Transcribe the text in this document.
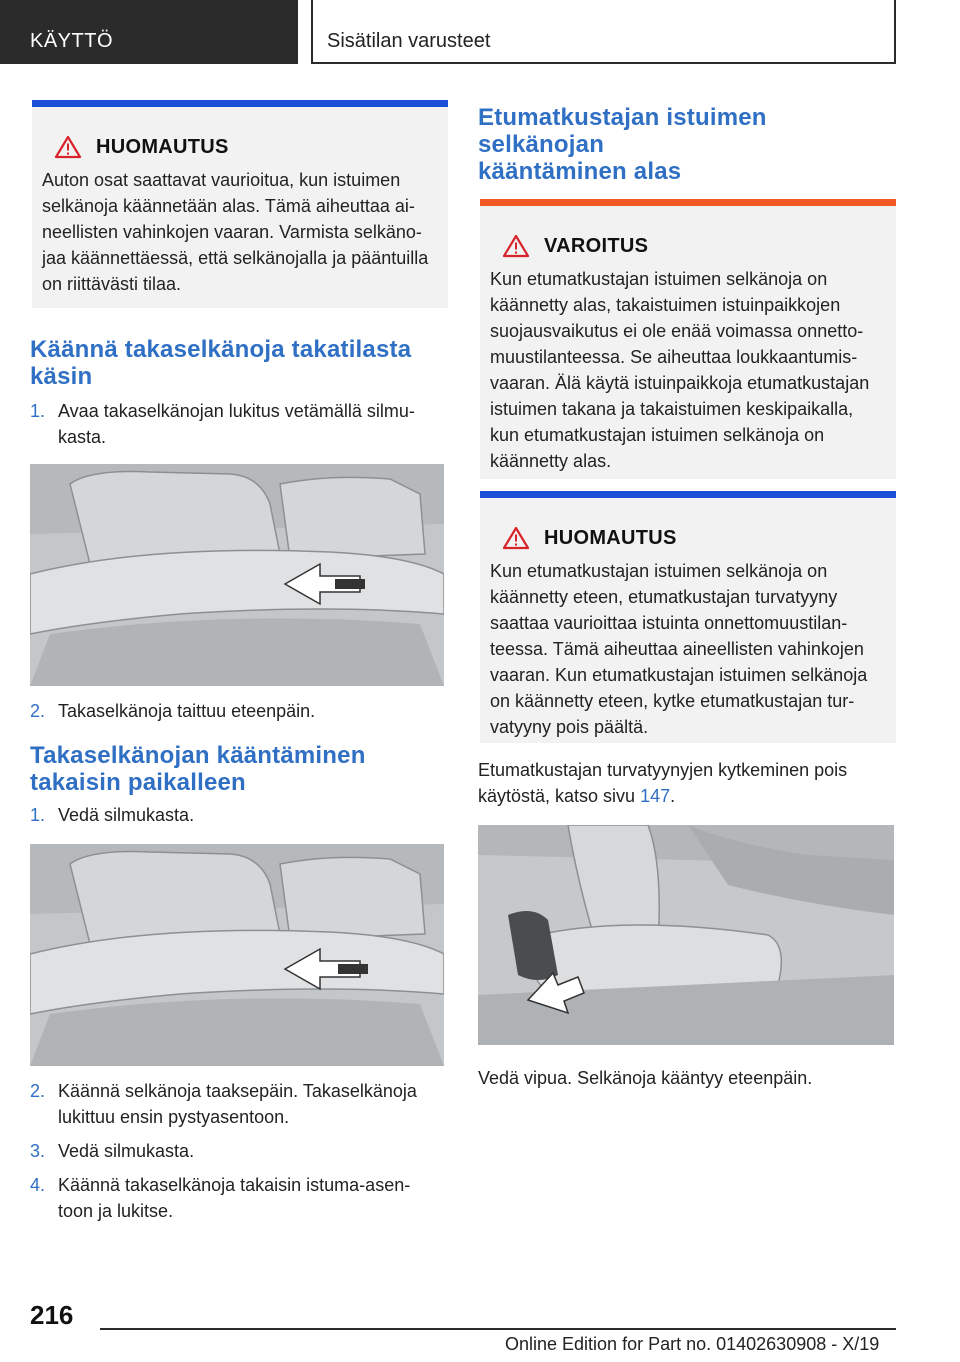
KÄYTTÖ	Sisätilan varusteet
HUOMAUTUS
Auton osat saattavat vaurioitua, kun istuimen
selkänoja käännetään alas. Tämä aiheuttaa ai-
neellisten vahinkojen vaaran. Varmista selkäno-
jaa käännettäessä, että selkänojalla ja pääntuilla
on riittävästi tilaa.
Käännä takaselkänoja takatilasta
käsin
1. Avaa takaselkänojan lukitus vetämällä silmu-
kasta.
2. Takaselkänoja taittuu eteenpäin.
Takaselkänojan kääntäminen
takaisin paikalleen
1. Vedä silmukasta.
2. Käännä selkänoja taaksepäin. Takaselkänoja
lukittuu ensin pystyasentoon.
3. Vedä silmukasta.
4. Käännä takaselkänoja takaisin istuma-asen-
toon ja lukitse.
Etumatkustajan istuimen selkänojan
kääntäminen alas
VAROITUS
Kun etumatkustajan istuimen selkänoja on
käännetty alas, takaistuimen istuinpaikkojen
suojausvaikutus ei ole enää voimassa onnetto-
muustilanteessa. Se aiheuttaa loukkaantumis-
vaaran. Älä käytä istuinpaikkoja etumatkustajan
istuimen takana ja takaistuimen keskipaikalla,
kun etumatkustajan istuimen selkänoja on
käännetty alas.
HUOMAUTUS
Kun etumatkustajan istuimen selkänoja on
käännetty eteen, etumatkustajan turvatyyny
saattaa vaurioittaa istuinta onnettomuustilan-
teessa. Tämä aiheuttaa aineellisten vahinkojen
vaaran. Kun etumatkustajan istuimen selkänoja
on käännetty eteen, kytke etumatkustajan tur-
vatyyny pois päältä.
Etumatkustajan turvatyynyjen kytkeminen pois
käytöstä, katso sivu 147.
Vedä vipua. Selkänoja kääntyy eteenpäin.
216
Online Edition for Part no. 01402630908 - X/19
